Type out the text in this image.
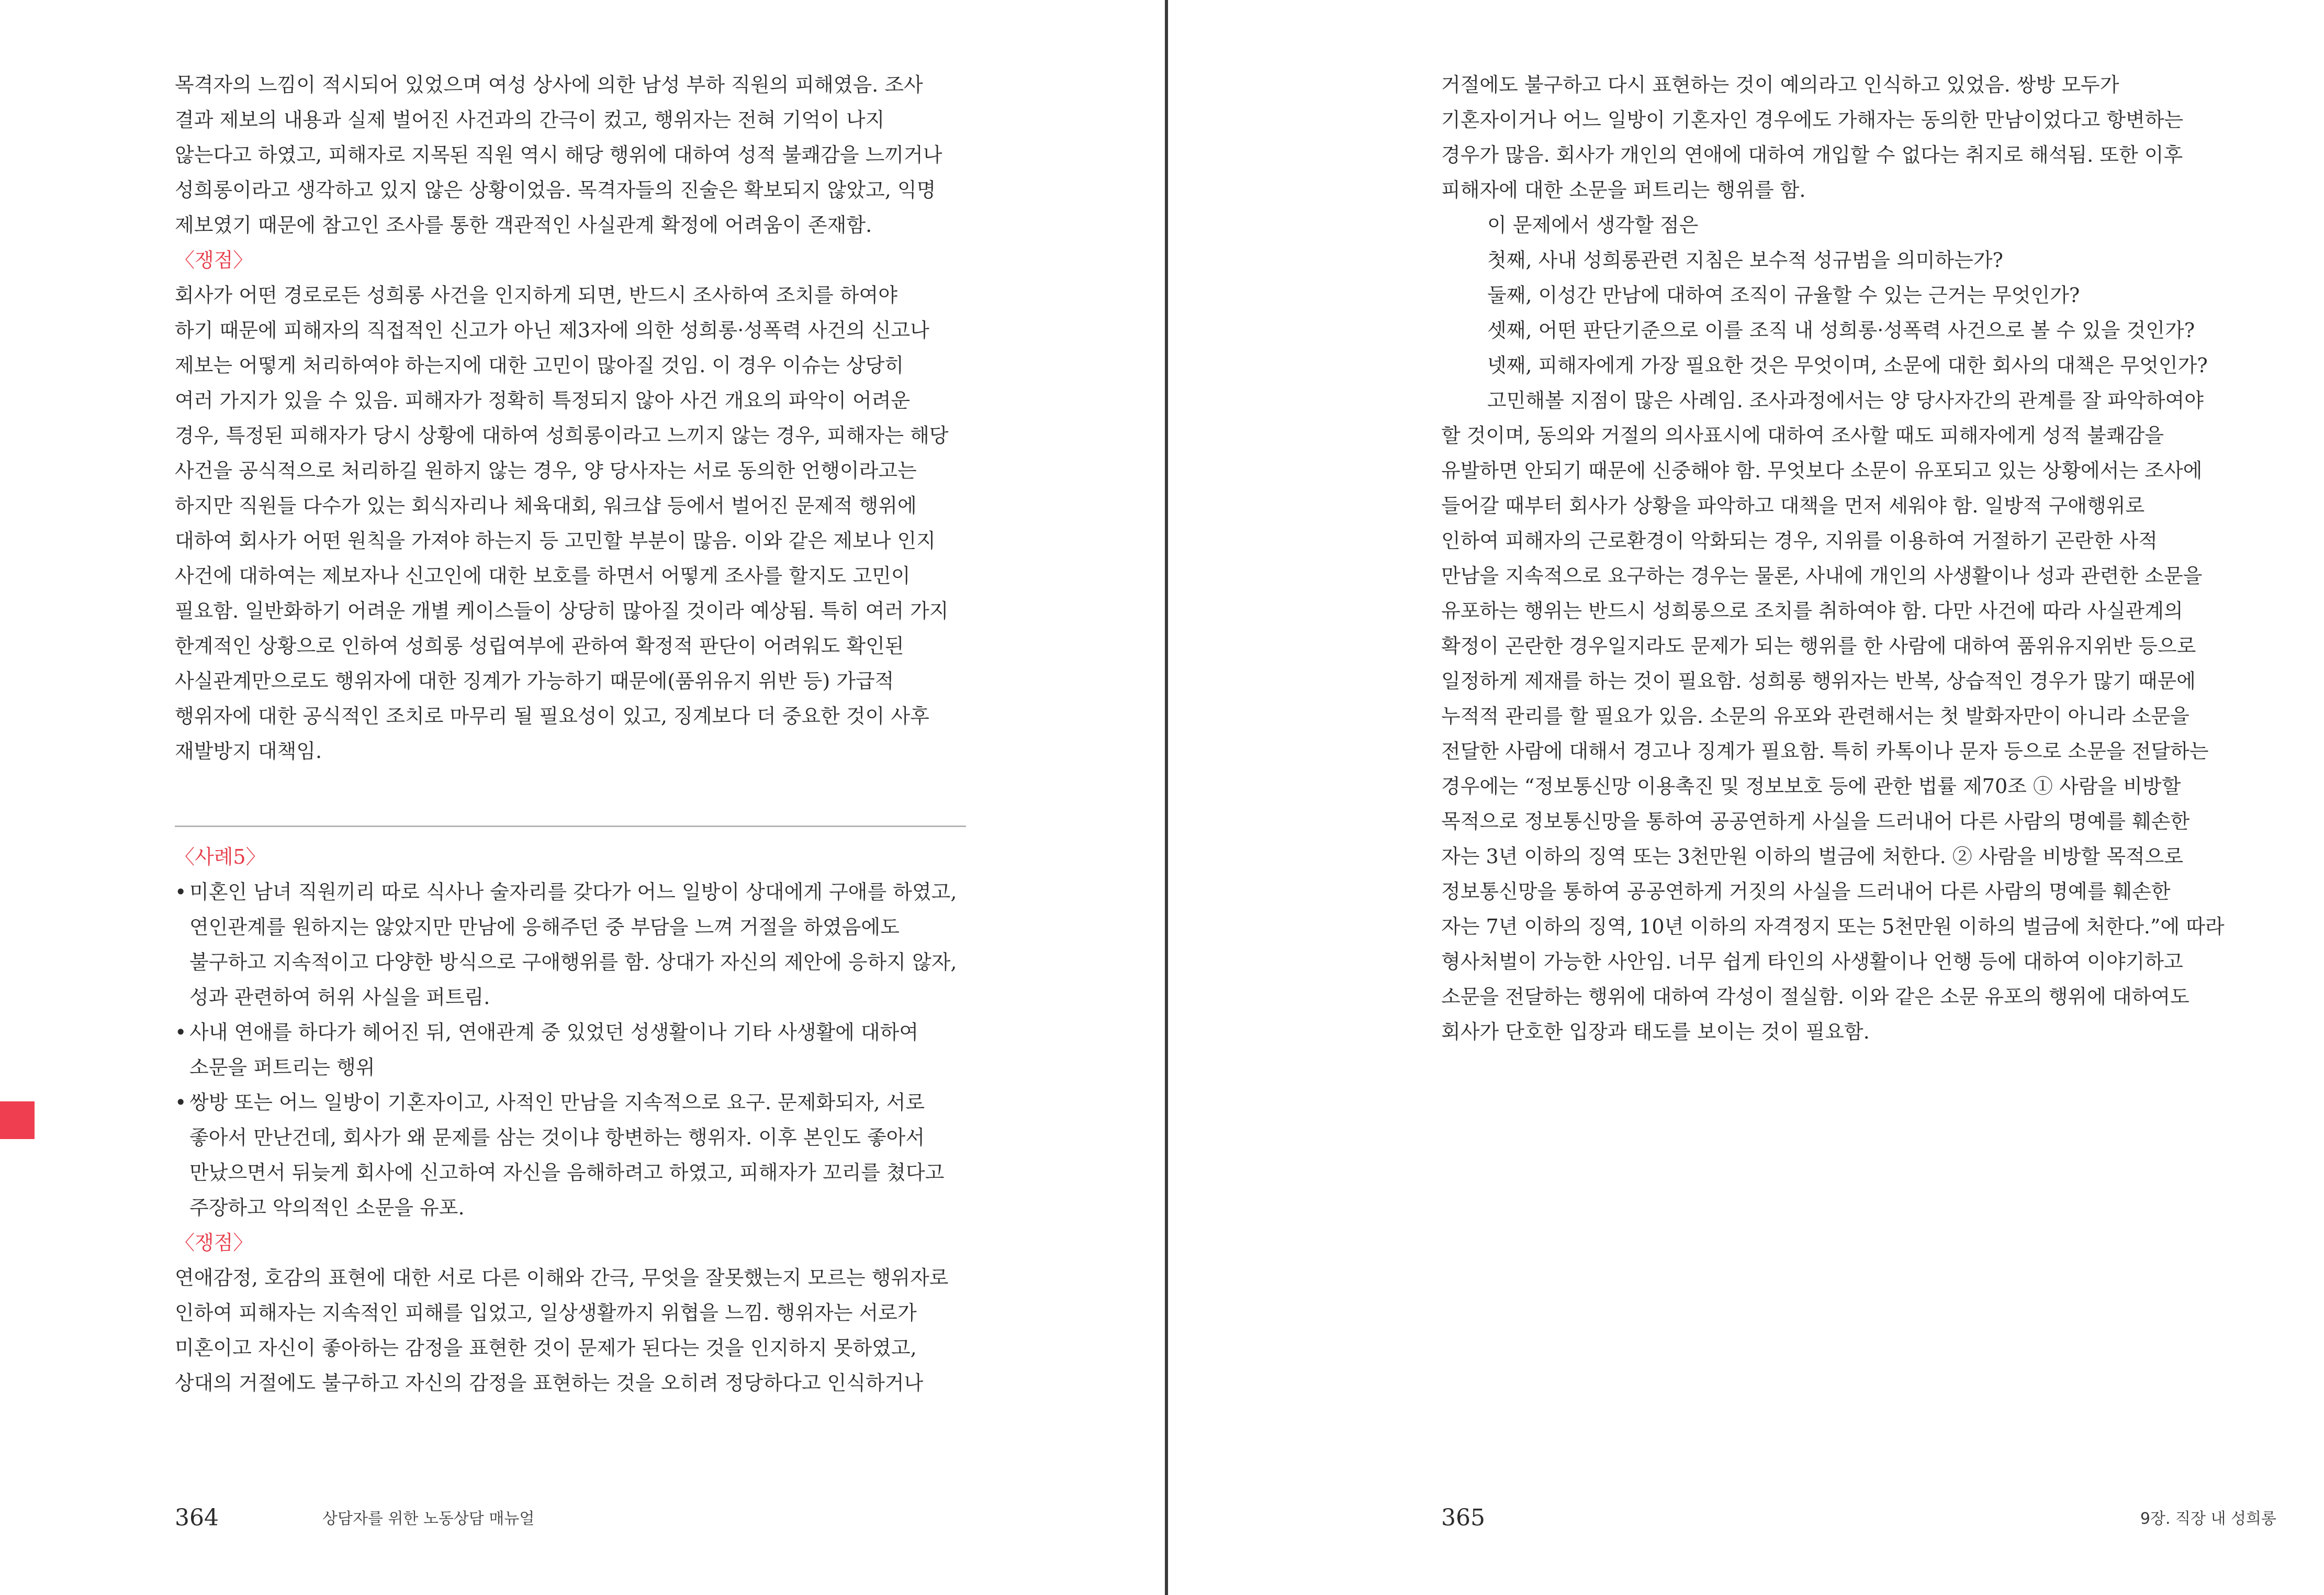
목격자의 느낌이 적시되어 있었으며 여성 상사에 의한 남성 부하 직원의 피해였음. 조사
결과 제보의 내용과 실제 벌어진 사건과의 간극이 컸고, 행위자는 전혀 기억이 나지
않는다고 하였고, 피해자로 지목된 직원 역시 해당 행위에 대하여 성적 불쾌감을 느끼거나
성희롱이라고 생각하고 있지 않은 상황이었음. 목격자들의 진술은 확보되지 않았고, 익명
제보였기 때문에 참고인 조사를 통한 객관적인 사실관계 확정에 어려움이 존재함.
〈쟁점〉
회사가 어떤 경로로든 성희롱 사건을 인지하게 되면, 반드시 조사하여 조치를 하여야
하기 때문에 피해자의 직접적인 신고가 아닌 제3자에 의한 성희롱·성폭력 사건의 신고나
제보는 어떻게 처리하여야 하는지에 대한 고민이 많아질 것임. 이 경우 이슈는 상당히
여러 가지가 있을 수 있음. 피해자가 정확히 특정되지 않아 사건 개요의 파악이 어려운
경우, 특정된 피해자가 당시 상황에 대하여 성희롱이라고 느끼지 않는 경우, 피해자는 해당
사건을 공식적으로 처리하길 원하지 않는 경우, 양 당사자는 서로 동의한 언행이라고는
하지만 직원들 다수가 있는 회식자리나 체육대회, 워크샵 등에서 벌어진 문제적 행위에
대하여 회사가 어떤 원칙을 가져야 하는지 등 고민할 부분이 많음. 이와 같은 제보나 인지
사건에 대하여는 제보자나 신고인에 대한 보호를 하면서 어떻게 조사를 할지도 고민이
필요함. 일반화하기 어려운 개별 케이스들이 상당히 많아질 것이라 예상됨. 특히 여러 가지
한계적인 상황으로 인하여 성희롱 성립여부에 관하여 확정적 판단이 어려워도 확인된
사실관계만으로도 행위자에 대한 징계가 가능하기 때문에(품위유지 위반 등) 가급적
행위자에 대한 공식적인 조치로 마무리 될 필요성이 있고, 징계보다 더 중요한 것이 사후
재발방지 대책임.
〈사례5〉
• 미혼인 남녀 직원끼리 따로 식사나 술자리를 갖다가 어느 일방이 상대에게 구애를 하였고,
연인관계를 원하지는 않았지만 만남에 응해주던 중 부담을 느껴 거절을 하였음에도
불구하고 지속적이고 다양한 방식으로 구애행위를 함. 상대가 자신의 제안에 응하지 않자,
성과 관련하여 허위 사실을 퍼트림.
• 사내 연애를 하다가 헤어진 뒤, 연애관계 중 있었던 성생활이나 기타 사생활에 대하여
소문을 퍼트리는 행위
• 쌍방 또는 어느 일방이 기혼자이고, 사적인 만남을 지속적으로 요구. 문제화되자, 서로
좋아서 만난건데, 회사가 왜 문제를 삼는 것이냐 항변하는 행위자. 이후 본인도 좋아서
만났으면서 뒤늦게 회사에 신고하여 자신을 음해하려고 하였고, 피해자가 꼬리를 쳤다고
주장하고 악의적인 소문을 유포.
〈쟁점〉
연애감정, 호감의 표현에 대한 서로 다른 이해와 간극, 무엇을 잘못했는지 모르는 행위자로
인하여 피해자는 지속적인 피해를 입었고, 일상생활까지 위협을 느낌. 행위자는 서로가
미혼이고 자신이 좋아하는 감정을 표현한 것이 문제가 된다는 것을 인지하지 못하였고,
상대의 거절에도 불구하고 자신의 감정을 표현하는 것을 오히려 정당하다고 인식하거나
364	상담자를 위한 노동상담 매뉴얼
거절에도 불구하고 다시 표현하는 것이 예의라고 인식하고 있었음. 쌍방 모두가
기혼자이거나 어느 일방이 기혼자인 경우에도 가해자는 동의한 만남이었다고 항변하는
경우가 많음. 회사가 개인의 연애에 대하여 개입할 수 없다는 취지로 해석됨. 또한 이후
피해자에 대한 소문을 퍼트리는 행위를 함.
이 문제에서 생각할 점은
첫째, 사내 성희롱관련 지침은 보수적 성규범을 의미하는가?
둘째, 이성간 만남에 대하여 조직이 규율할 수 있는 근거는 무엇인가?
셋째, 어떤 판단기준으로 이를 조직 내 성희롱·성폭력 사건으로 볼 수 있을 것인가?
넷째, 피해자에게 가장 필요한 것은 무엇이며, 소문에 대한 회사의 대책은 무엇인가?
고민해볼 지점이 많은 사례임. 조사과정에서는 양 당사자간의 관계를 잘 파악하여야
할 것이며, 동의와 거절의 의사표시에 대하여 조사할 때도 피해자에게 성적 불쾌감을
유발하면 안되기 때문에 신중해야 함. 무엇보다 소문이 유포되고 있는 상황에서는 조사에
들어갈 때부터 회사가 상황을 파악하고 대책을 먼저 세워야 함. 일방적 구애행위로
인하여 피해자의 근로환경이 악화되는 경우, 지위를 이용하여 거절하기 곤란한 사적
만남을 지속적으로 요구하는 경우는 물론, 사내에 개인의 사생활이나 성과 관련한 소문을
유포하는 행위는 반드시 성희롱으로 조치를 취하여야 함. 다만 사건에 따라 사실관계의
확정이 곤란한 경우일지라도 문제가 되는 행위를 한 사람에 대하여 품위유지위반 등으로
일정하게 제재를 하는 것이 필요함. 성희롱 행위자는 반복, 상습적인 경우가 많기 때문에
누적적 관리를 할 필요가 있음. 소문의 유포와 관련해서는 첫 발화자만이 아니라 소문을
전달한 사람에 대해서 경고나 징계가 필요함. 특히 카톡이나 문자 등으로 소문을 전달하는
경우에는 “정보통신망 이용촉진 및 정보보호 등에 관한 법률 제70조 ① 사람을 비방할
목적으로 정보통신망을 통하여 공공연하게 사실을 드러내어 다른 사람의 명예를 훼손한
자는 3년 이하의 징역 또는 3천만원 이하의 벌금에 처한다. ② 사람을 비방할 목적으로
정보통신망을 통하여 공공연하게 거짓의 사실을 드러내어 다른 사람의 명예를 훼손한
자는 7년 이하의 징역, 10년 이하의 자격정지 또는 5천만원 이하의 벌금에 처한다.”에 따라
형사처벌이 가능한 사안임. 너무 쉽게 타인의 사생활이나 언행 등에 대하여 이야기하고
소문을 전달하는 행위에 대하여 각성이 절실함. 이와 같은 소문 유포의 행위에 대하여도
회사가 단호한 입장과 태도를 보이는 것이 필요함.
365	9장. 직장 내 성희롱
